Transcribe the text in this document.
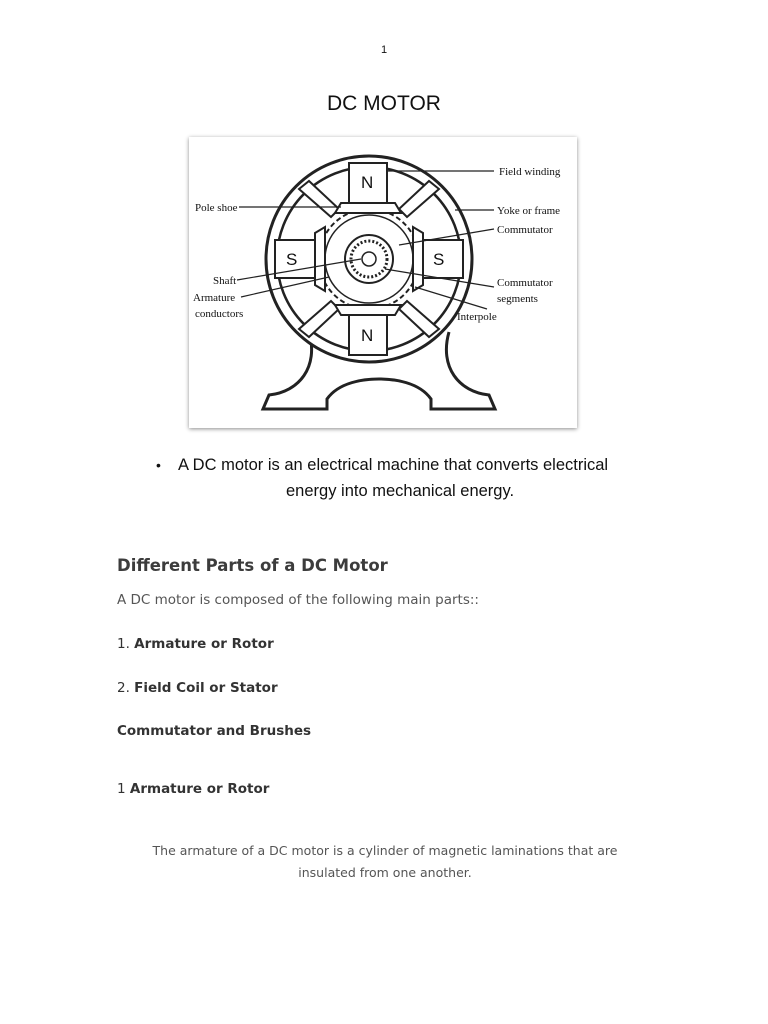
1
DC MOTOR
N
N
S	S
Field winding
Pole shoe	Yoke or frame
Commutator
Shaft
Armature
conductors
Commutator
segments
Interpole
• A DC motor is an electrical machine that converts electrical
energy into mechanical energy.
Different Parts of a DC Motor
A DC motor is composed of the following main parts::
1. Armature or Rotor
2. Field Coil or Stator
Commutator and Brushes
1 Armature or Rotor
The armature of a DC motor is a cylinder of magnetic laminations that are
insulated from one another.
